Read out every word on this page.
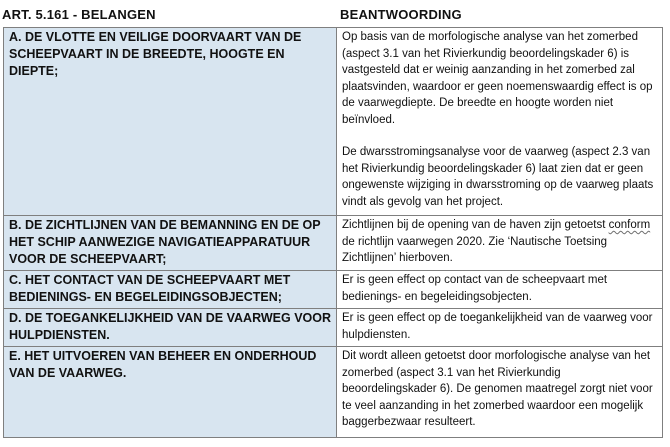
ART. 5.161 - BELANGEN	BEANTWOORDING
A. DE VLOTTE EN VEILIGE DOORVAART VAN DE SCHEEPVAART IN DE BREEDTE, HOOGTE EN DIEPTE;	Op basis van de morfologische analyse van het zomerbed (aspect 3.1 van het Rivierkundig beoordelingskader 6) is vastgesteld dat er weinig aanzanding in het zomerbed zal plaatsvinden, waardoor er geen noemenswaardig effect is op de vaarwegdiepte. De breedte en hoogte worden niet beïnvloed.

De dwarsstromingsanalyse voor de vaarweg (aspect 2.3 van het Rivierkundig beoordelingskader 6) laat zien dat er geen ongewenste wijziging in dwarsstroming op de vaarweg plaats vindt als gevolg van het project.

B. DE ZICHTLIJNEN VAN DE BEMANNING EN DE OP HET SCHIP AANWEZIGE NAVIGATIEAPPARATUUR VOOR DE SCHEEPVAART;	Zichtlijnen bij de opening van de haven zijn getoetst conform de richtlijn vaarwegen 2020. Zie ‘Nautische Toetsing Zichtlijnen’ hierboven.

C. HET CONTACT VAN DE SCHEEPVAART MET BEDIENINGS- EN BEGELEIDINGSOBJECTEN;	Er is geen effect op contact van de scheepvaart met bedienings- en begeleidingsobjecten.

D. DE TOEGANKELIJKHEID VAN DE VAARWEG VOOR HULPDIENSTEN.	Er is geen effect op de toegankelijkheid van de vaarweg voor hulpdiensten.

E. HET UITVOEREN VAN BEHEER EN ONDERHOUD VAN DE VAARWEG.	Dit wordt alleen getoetst door morfologische analyse van het zomerbed (aspect 3.1 van het Rivierkundig beoordelingskader 6). De genomen maatregel zorgt niet voor te veel aanzanding in het zomerbed waardoor een mogelijk baggerbezwaar resulteert.
